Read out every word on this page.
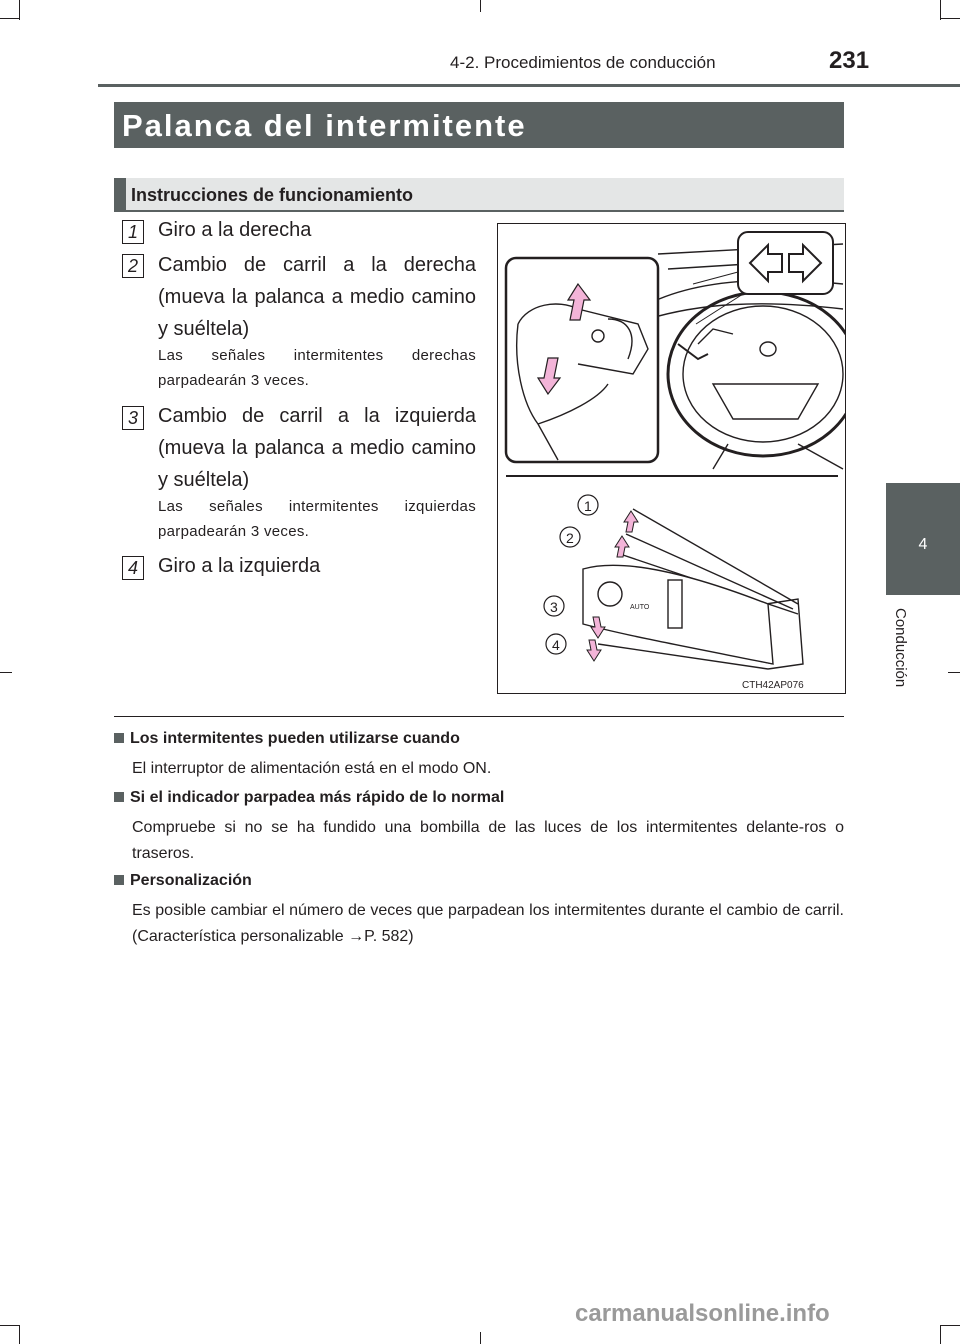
4-2. Procedimientos de conducción	231
Palanca del intermitente
Instrucciones de funcionamiento
1	Giro a la derecha
2	Cambio de carril a la derecha (mueva la palanca a medio camino y suéltela)
Las señales intermitentes derechas parpadearán 3 veces.
3	Cambio de carril a la izquierda (mueva la palanca a medio camino y suéltela)
Las señales intermitentes izquierdas parpadearán 3 veces.
4	Giro a la izquierda
AUTO
1
2
3
4
CTH42AP076
Los intermitentes pueden utilizarse cuando
El interruptor de alimentación está en el modo ON.
Si el indicador parpadea más rápido de lo normal
Compruebe si no se ha fundido una bombilla de las luces de los intermitentes delante-ros o traseros.
Personalización
Es posible cambiar el número de veces que parpadean los intermitentes durante el cambio de carril. (Característica personalizable →P. 582)
4
Conducción
carmanualsonline.info
